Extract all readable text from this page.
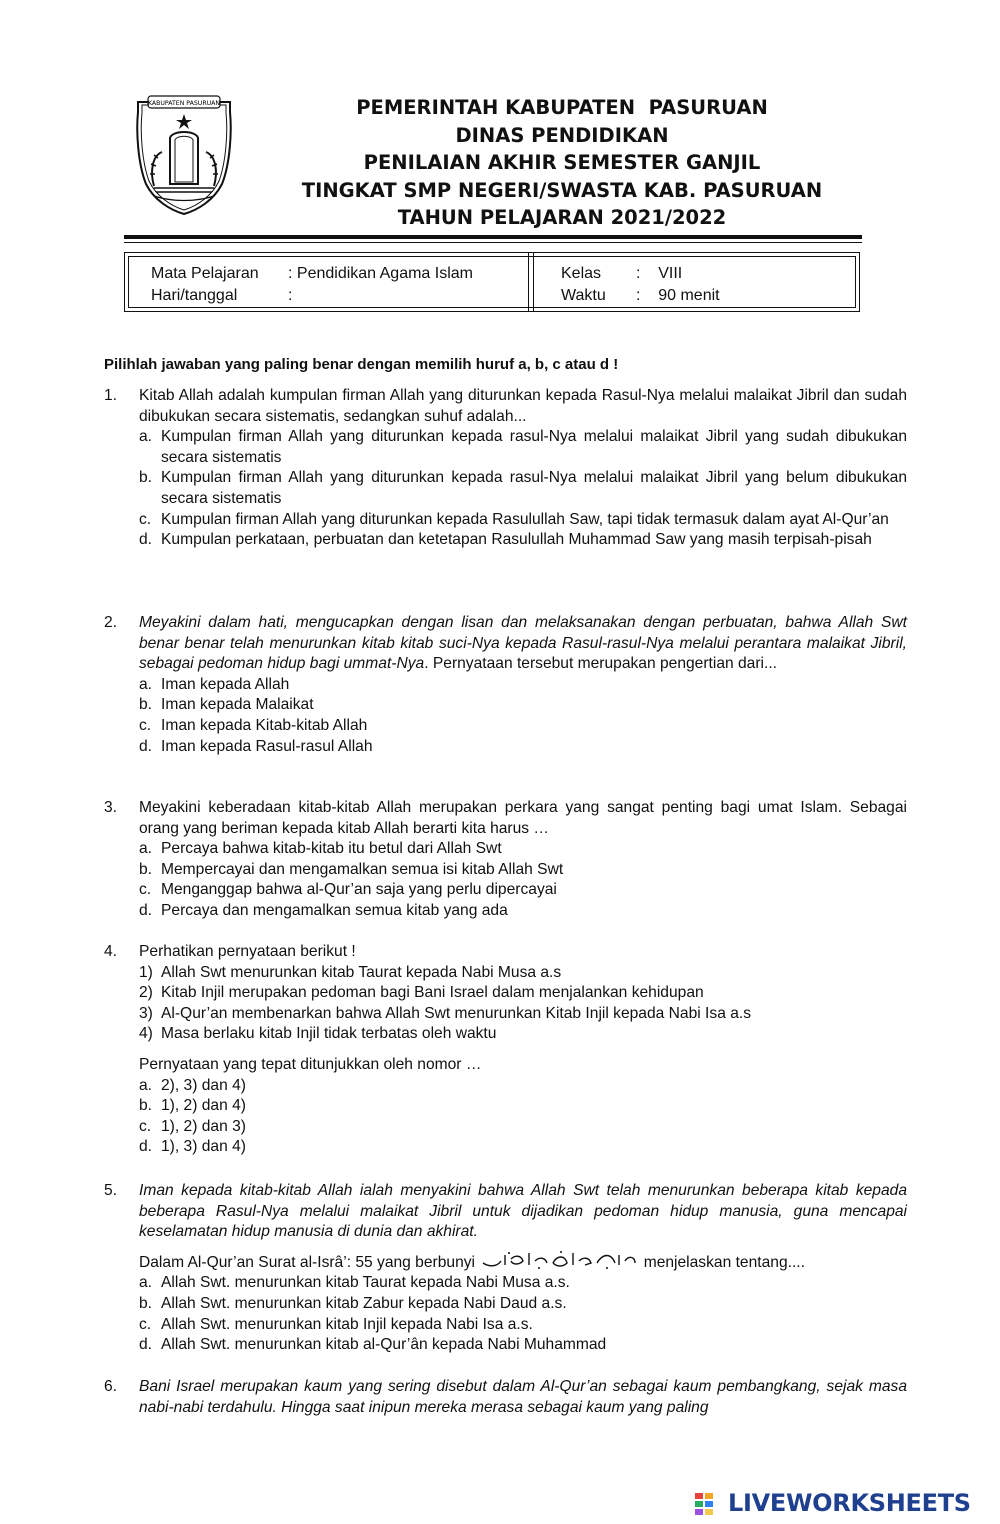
KABUPATEN PASURUAN	PEMERINTAH KABUPATEN  PASURUAN
DINAS PENDIDIKAN
PENILAIAN AKHIR SEMESTER GANJIL
TINGKAT SMP NEGERI/SWASTA KAB. PASURUAN
TAHUN PELAJARAN 2021/2022
Mata Pelajaran : Pendidikan Agama Islam
Hari/tanggal	:
Kelas :    VIII
Waktu :    90 menit
Pilihlah jawaban yang paling benar dengan memilih huruf a, b, c atau d !
1. Kitab Allah adalah kumpulan firman Allah yang diturunkan kepada Rasul-Nya melalui malaikat Jibril dan sudah dibukukan secara sistematis, sedangkan suhuf adalah...
a. Kumpulan firman Allah yang diturunkan kepada rasul-Nya melalui malaikat Jibril yang sudah dibukukan secara sistematis
b. Kumpulan firman Allah yang diturunkan kepada rasul-Nya melalui malaikat Jibril yang belum dibukukan secara sistematis
c. Kumpulan firman Allah yang diturunkan kepada Rasulullah Saw, tapi tidak termasuk dalam ayat Al-Qur’an
d. Kumpulan perkataan, perbuatan dan ketetapan Rasulullah Muhammad Saw yang masih terpisah-pisah
2. Meyakini dalam hati, mengucapkan dengan lisan dan melaksanakan dengan perbuatan, bahwa Allah Swt benar benar telah menurunkan kitab kitab suci-Nya kepada Rasul-rasul-Nya melalui perantara malaikat Jibril, sebagai pedoman hidup bagi ummat-Nya. Pernyataan tersebut merupakan pengertian dari...
a. Iman kepada Allah
b. Iman kepada Malaikat
c. Iman kepada Kitab-kitab Allah
d. Iman kepada Rasul-rasul Allah
3. Meyakini keberadaan kitab-kitab Allah merupakan perkara yang sangat penting bagi umat Islam. Sebagai orang yang beriman kepada kitab Allah berarti kita harus …
a. Percaya bahwa kitab-kitab itu betul dari Allah Swt
b. Mempercayai dan mengamalkan semua isi kitab Allah Swt
c. Menganggap bahwa al-Qur’an saja yang perlu dipercayai
d. Percaya dan mengamalkan semua kitab yang ada
4. Perhatikan pernyataan berikut !
1) Allah Swt menurunkan kitab Taurat kepada Nabi Musa a.s
2) Kitab Injil merupakan pedoman bagi Bani Israel dalam menjalankan kehidupan
3) Al-Qur’an membenarkan bahwa Allah Swt menurunkan Kitab Injil kepada Nabi Isa a.s
4) Masa berlaku kitab Injil tidak terbatas oleh waktu
Pernyataan yang tepat ditunjukkan oleh nomor …
a. 2), 3) dan 4)
b. 1), 2) dan 4)
c. 1), 2) dan 3)
d. 1), 3) dan 4)
5. Iman kepada kitab-kitab Allah ialah menyakini bahwa Allah Swt telah menurunkan beberapa kitab kepada beberapa Rasul-Nya melalui malaikat Jibril untuk dijadikan pedoman hidup manusia, guna mencapai keselamatan hidup manusia di dunia dan akhirat.
Dalam Al-Qur’an Surat al-Isrâ’: 55 yang berbunyi	menjelaskan tentang....
a. Allah Swt. menurunkan kitab Taurat kepada Nabi Musa a.s.
b. Allah Swt. menurunkan kitab Zabur kepada Nabi Daud a.s.
c. Allah Swt. menurunkan kitab Injil kepada Nabi Isa a.s.
d. Allah Swt. menurunkan kitab al-Qur’ân kepada Nabi Muhammad
6. Bani Israel merupakan kaum yang sering disebut dalam Al-Qur’an sebagai kaum pembangkang, sejak masa nabi-nabi terdahulu. Hingga saat inipun mereka merasa sebagai kaum yang paling
LIVEWORKSHEETS
